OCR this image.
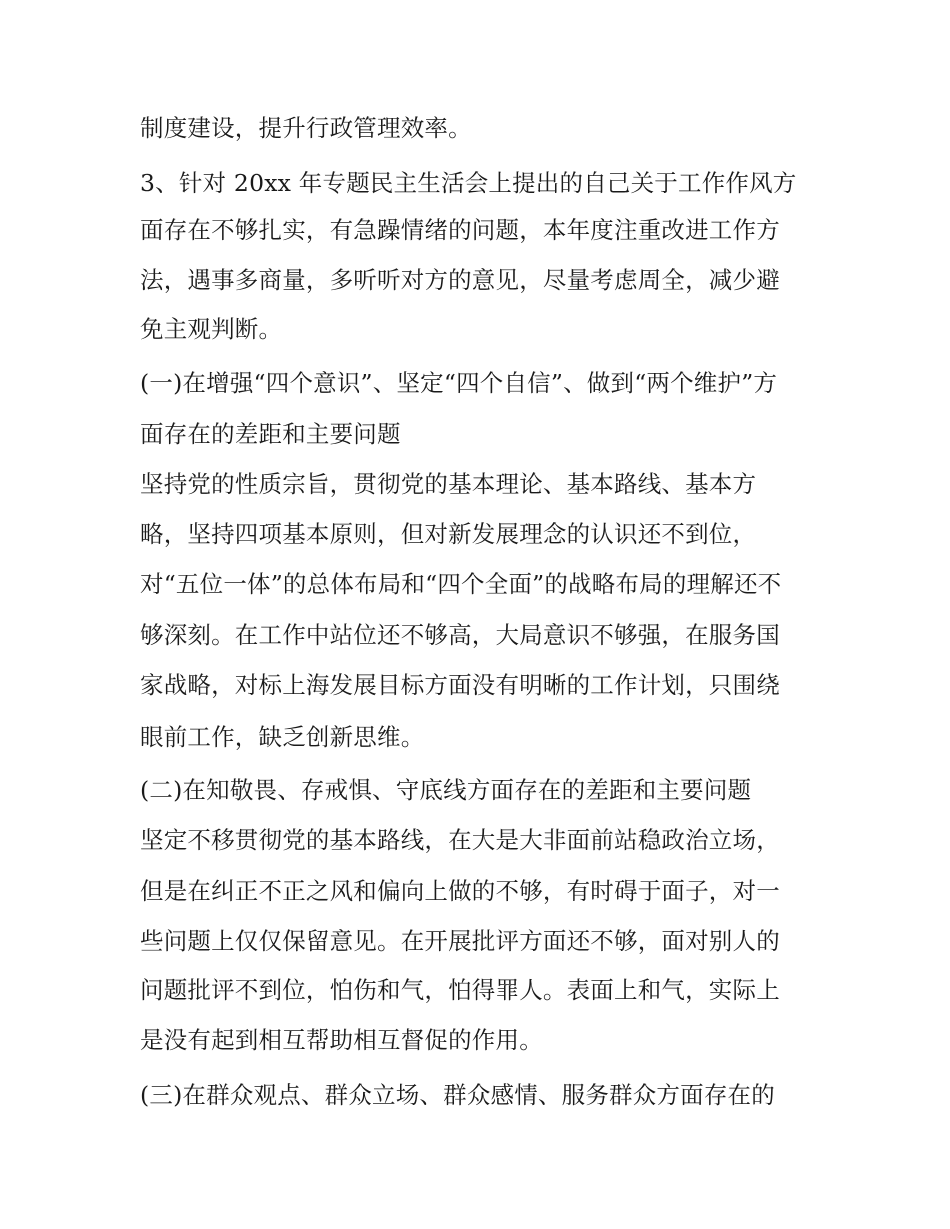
制度建设，提升行政管理效率。
3、针对 20xx 年专题民主生活会上提出的自己关于工作作风方
面存在不够扎实，有急躁情绪的问题，本年度注重改进工作方
法，遇事多商量，多听听对方的意见，尽量考虑周全，减少避
免主观判断。
(一)在增强“四个意识”、坚定“四个自信”、做到“两个维护”方
面存在的差距和主要问题
坚持党的性质宗旨，贯彻党的基本理论、基本路线、基本方
略，坚持四项基本原则，但对新发展理念的认识还不到位，
对“五位一体”的总体布局和“四个全面”的战略布局的理解还不
够深刻。在工作中站位还不够高，大局意识不够强，在服务国
家战略，对标上海发展目标方面没有明晰的工作计划，只围绕
眼前工作，缺乏创新思维。
(二)在知敬畏、存戒惧、守底线方面存在的差距和主要问题
坚定不移贯彻党的基本路线，在大是大非面前站稳政治立场，
但是在纠正不正之风和偏向上做的不够，有时碍于面子，对一
些问题上仅仅保留意见。在开展批评方面还不够，面对别人的
问题批评不到位，怕伤和气，怕得罪人。表面上和气，实际上
是没有起到相互帮助相互督促的作用。
(三)在群众观点、群众立场、群众感情、服务群众方面存在的
